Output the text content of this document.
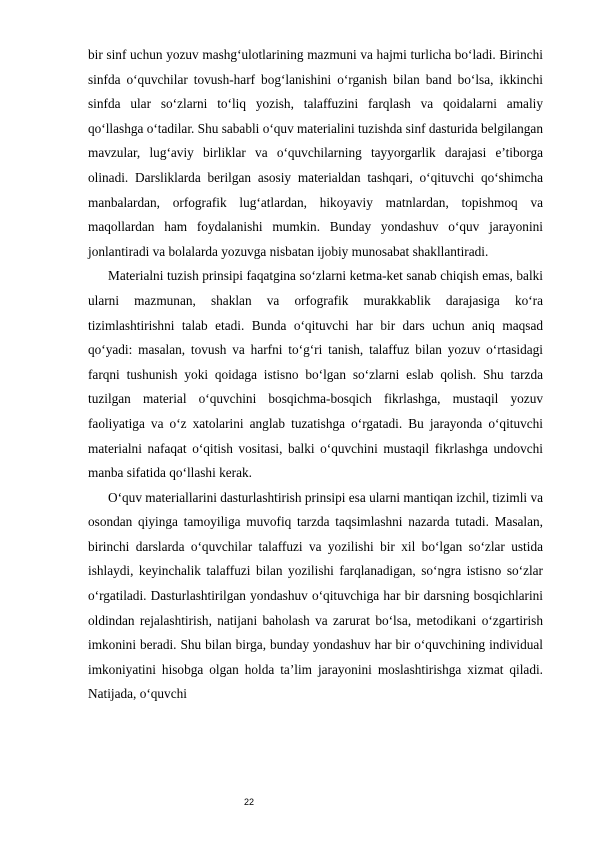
bir sinf uchun yozuv mashg‘ulotlarining mazmuni va hajmi turlicha bo‘ladi. Birinchi sinfda o‘quvchilar tovush-harf bog‘lanishini o‘rganish bilan band bo‘lsa, ikkinchi sinfda ular so‘zlarni to‘liq yozish, talaffuzini farqlash va qoidalarni amaliy qo‘llashga o‘tadilar. Shu sababli o‘quv materialini tuzishda sinf dasturida belgilangan mavzular, lug‘aviy birliklar va o‘quvchilarning tayyorgarlik darajasi e’tiborga olinadi. Darsliklarda berilgan asosiy materialdan tashqari, o‘qituvchi qo‘shimcha manbalardan, orfografik lug‘atlardan, hikoyaviy matnlardan, topishmoq va maqollardan ham foydalanishi mumkin. Bunday yondashuv o‘quv jarayonini jonlantiradi va bolalarda yozuvga nisbatan ijobiy munosabat shakllantiradi.

Materialni tuzish prinsipi faqatgina so‘zlarni ketma-ket sanab chiqish emas, balki ularni mazmunan, shaklan va orfografik murakkablik darajasiga ko‘ra tizimlashtirishni talab etadi. Bunda o‘qituvchi har bir dars uchun aniq maqsad qo‘yadi: masalan, tovush va harfni to‘g‘ri tanish, talaffuz bilan yozuv o‘rtasidagi farqni tushunish yoki qoidaga istisno bo‘lgan so‘zlarni eslab qolish. Shu tarzda tuzilgan material o‘quvchini bosqichma-bosqich fikrlashga, mustaqil yozuv faoliyatiga va o‘z xatolarini anglab tuzatishga o‘rgatadi. Bu jarayonda o‘qituvchi materialni nafaqat o‘qitish vositasi, balki o‘quvchini mustaqil fikrlashga undovchi manba sifatida qo‘llashi kerak.

O‘quv materiallarini dasturlashtirish prinsipi esa ularni mantiqan izchil, tizimli va osondan qiyinga tamoyiliga muvofiq tarzda taqsimlashni nazarda tutadi. Masalan, birinchi darslarda o‘quvchilar talaffuzi va yozilishi bir xil bo‘lgan so‘zlar ustida ishlaydi, keyinchalik talaffuzi bilan yozilishi farqlanadigan, so‘ngra istisno so‘zlar o‘rgatiladi. Dasturlashtirilgan yondashuv o‘qituvchiga har bir darsning bosqichlarini oldindan rejalashtirish, natijani baholash va zarurat bo‘lsa, metodikani o‘zgartirish imkonini beradi. Shu bilan birga, bunday yondashuv har bir o‘quvchining individual imkoniyatini hisobga olgan holda ta’lim jarayonini moslashtirishga xizmat qiladi. Natijada, o‘quvchi

22
